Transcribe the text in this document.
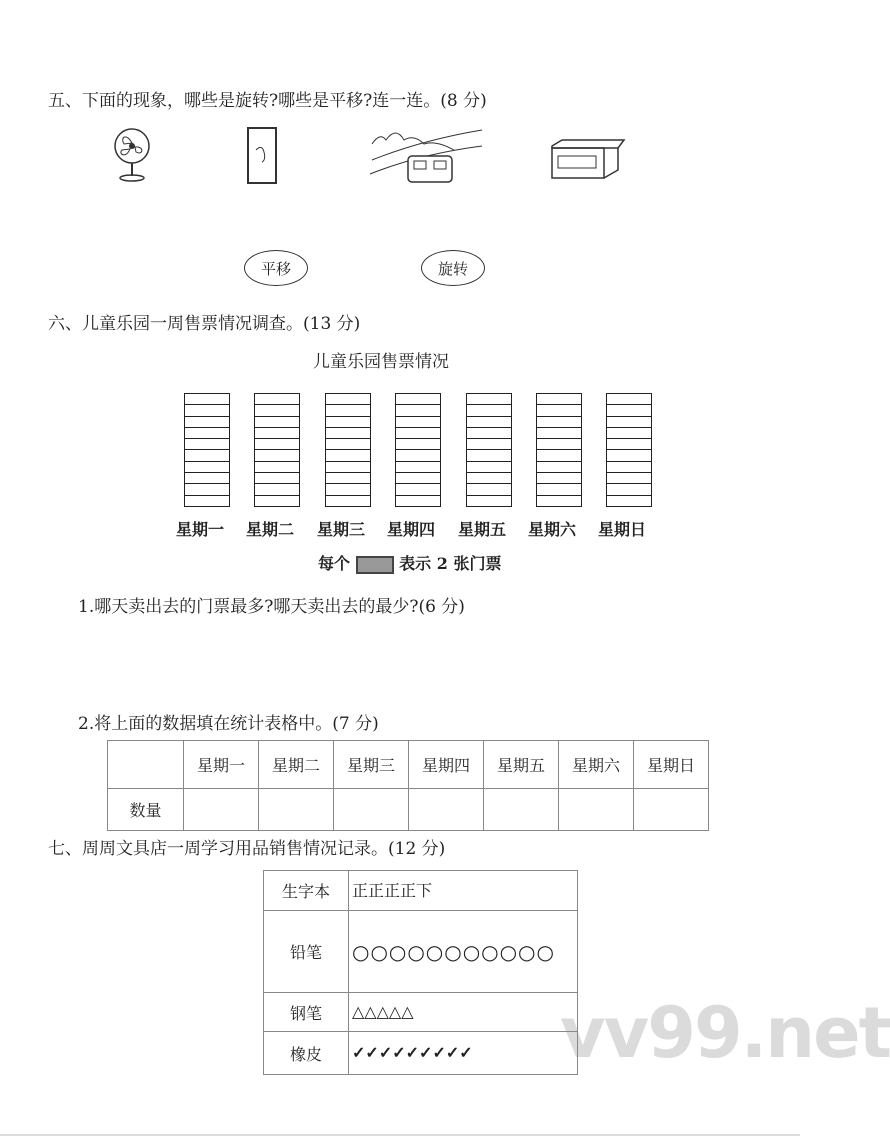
五、下面的现象，哪些是旋转?哪些是平移?连一连。(8 分)
平移	旋转
六、儿童乐园一周售票情况调查。(13 分)
儿童乐园售票情况
星期一 星期二 星期三 星期四 星期五 星期六 星期日
每个	表示 2 张门票
1.哪天卖出去的门票最多?哪天卖出去的最少?(6 分)
2.将上面的数据填在统计表格中。(7 分)
	星期一	星期二	星期三	星期四	星期五	星期六	星期日
数量							
七、周周文具店一周学习用品销售情况记录。(12 分)
vv99.net
生字本	正正正正下
铅笔	○○○○○○○○○○○
钢笔	△△△△△
橡皮	✓✓✓✓✓✓✓✓✓
